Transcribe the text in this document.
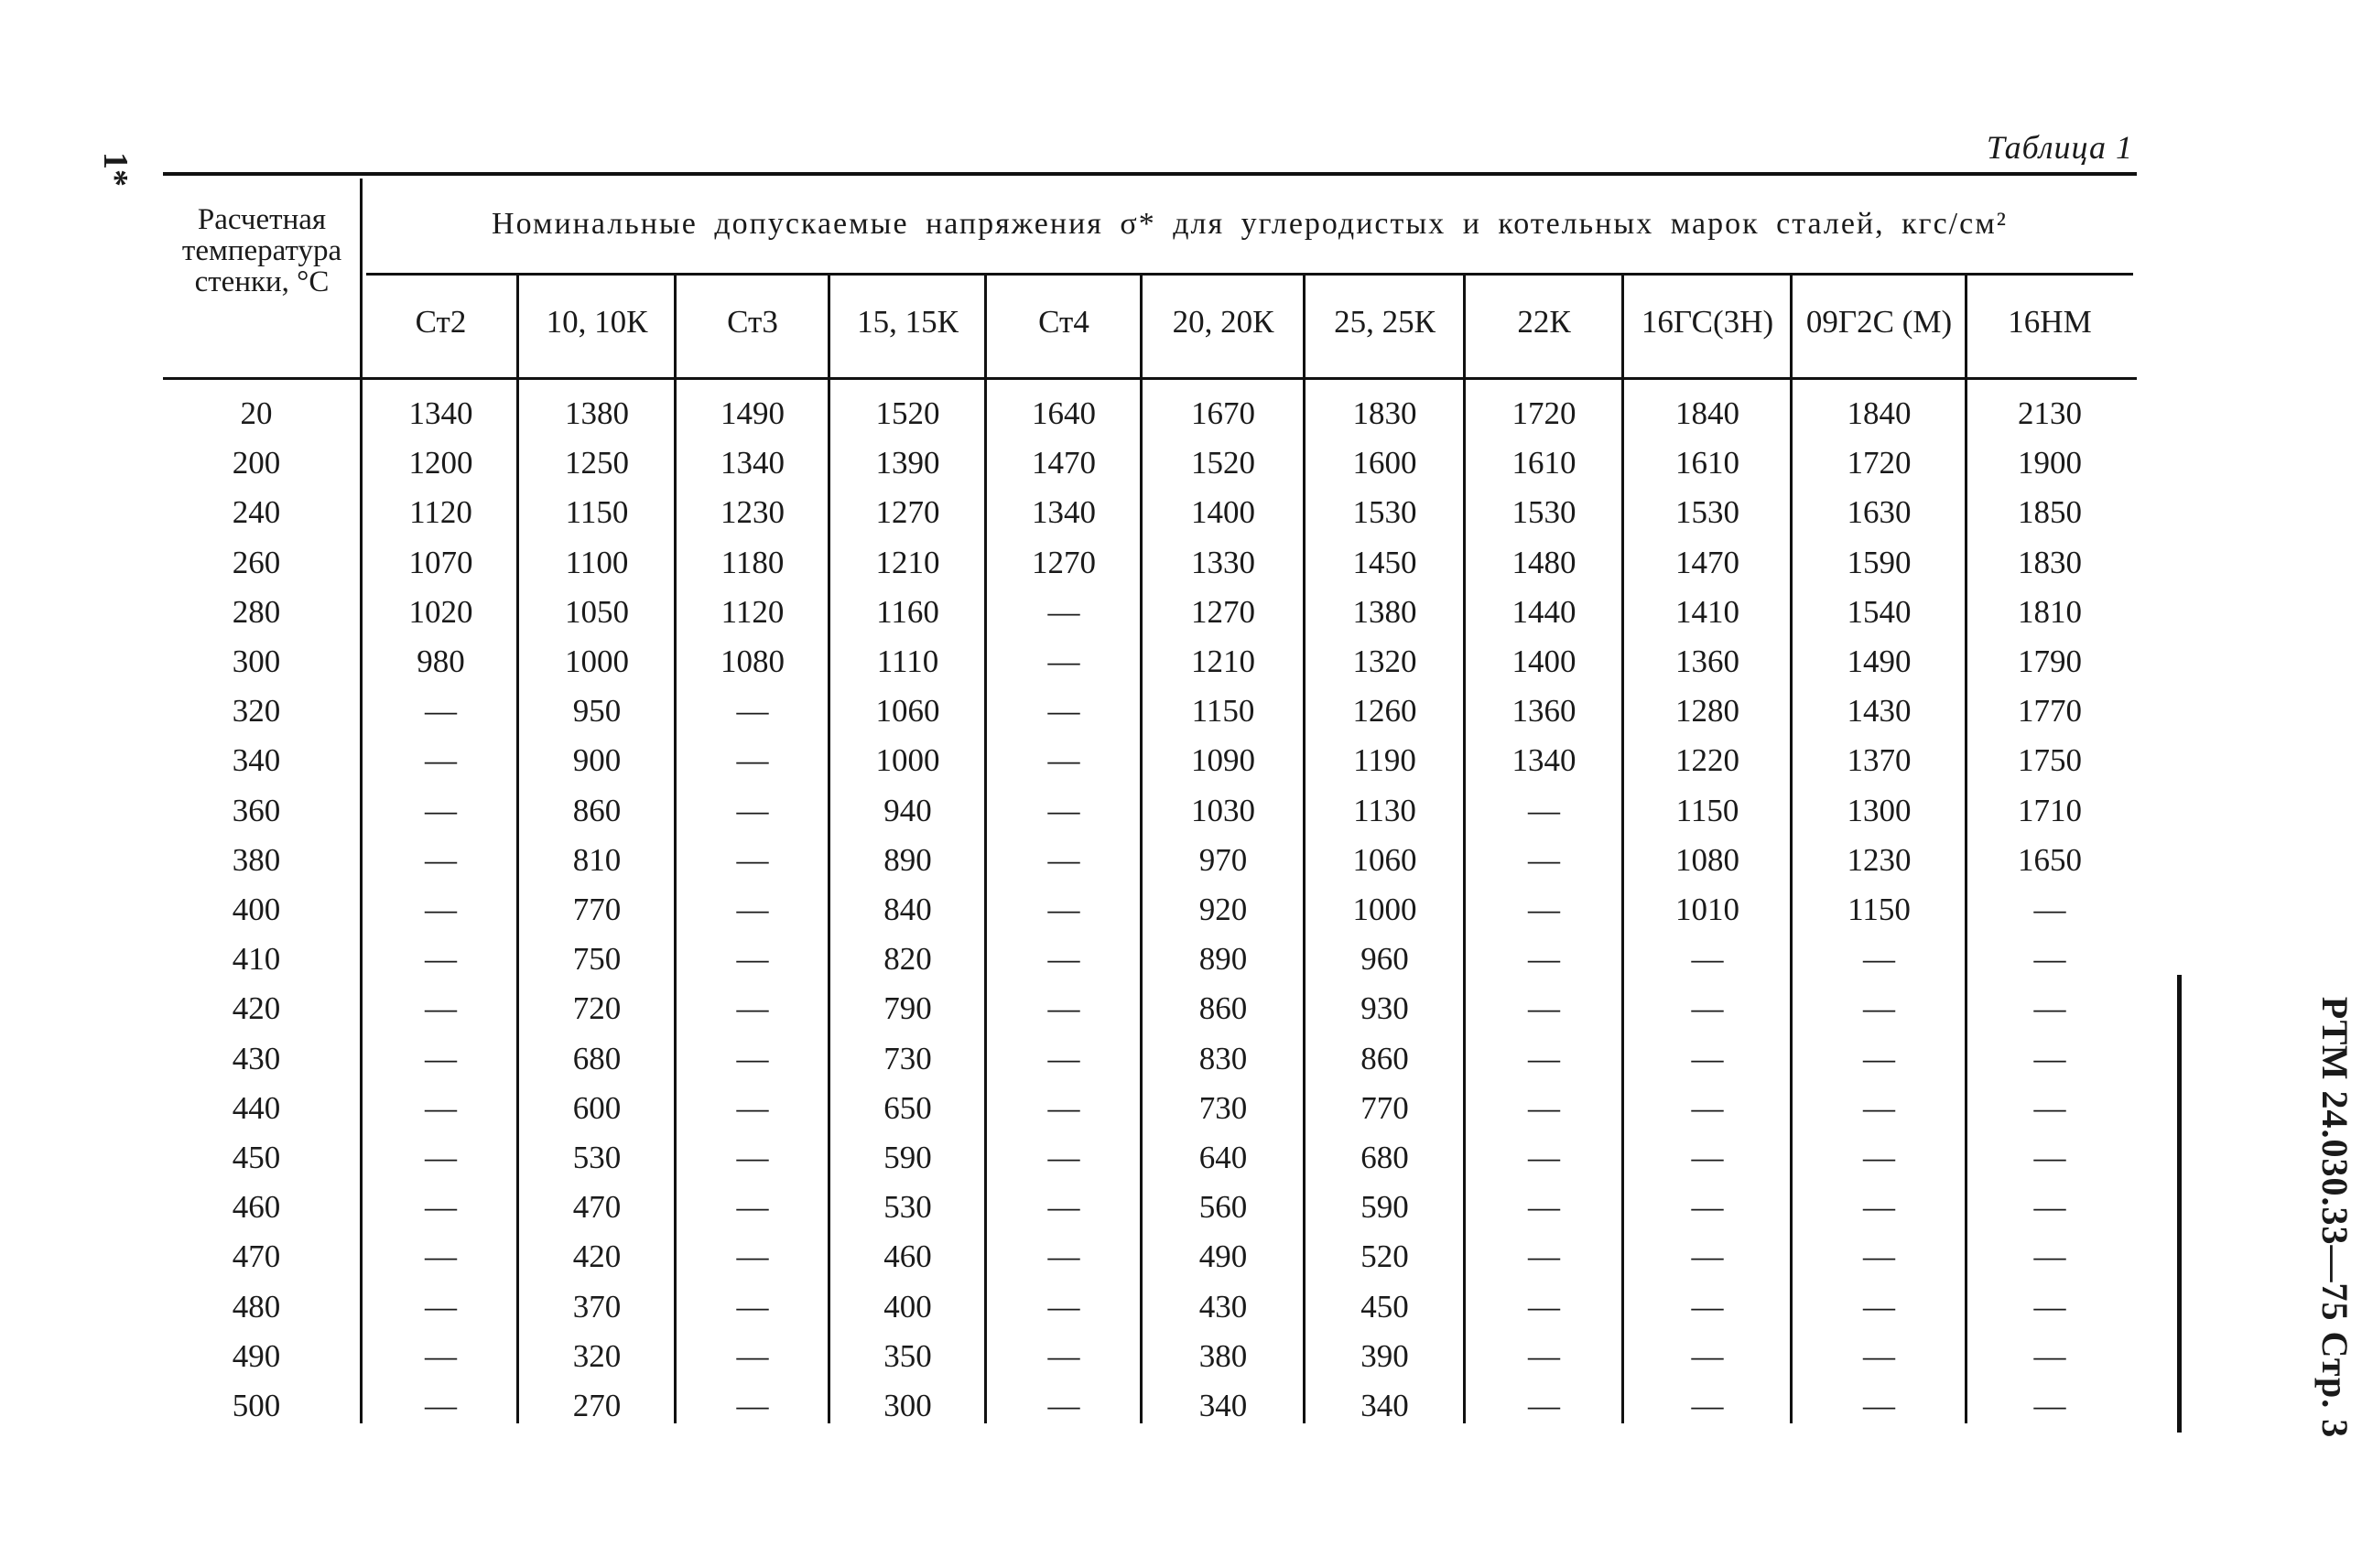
1*
Таблица 1
Расчетная температура стенки, °С
Номинальные допускаемые напряжения σ* для углеродистых и котельных марок сталей, кгс/см²
Ст2	10, 10К	Ст3	15, 15К	Ст4	20, 20К	25, 25К	22К	16ГС(3Н)	09Г2С (М)	16НМ
20	1340	1380	1490	1520	1640	1670	1830	1720	1840	1840	2130
200	1200	1250	1340	1390	1470	1520	1600	1610	1610	1720	1900
240	1120	1150	1230	1270	1340	1400	1530	1530	1530	1630	1850
260	1070	1100	1180	1210	1270	1330	1450	1480	1470	1590	1830
280	1020	1050	1120	1160	—	1270	1380	1440	1410	1540	1810
300	980	1000	1080	1110	—	1210	1320	1400	1360	1490	1790
320	—	950	—	1060	—	1150	1260	1360	1280	1430	1770
340	—	900	—	1000	—	1090	1190	1340	1220	1370	1750
360	—	860	—	940	—	1030	1130	—	1150	1300	1710
380	—	810	—	890	—	970	1060	—	1080	1230	1650
400	—	770	—	840	—	920	1000	—	1010	1150	—
410	—	750	—	820	—	890	960	—	—	—	—
420	—	720	—	790	—	860	930	—	—	—	—
430	—	680	—	730	—	830	860	—	—	—	—
440	—	600	—	650	—	730	770	—	—	—	—
450	—	530	—	590	—	640	680	—	—	—	—
460	—	470	—	530	—	560	590	—	—	—	—
470	—	420	—	460	—	490	520	—	—	—	—
480	—	370	—	400	—	430	450	—	—	—	—
490	—	320	—	350	—	380	390	—	—	—	—
500	—	270	—	300	—	340	340	—	—	—	—	РТМ 24.030.33—75 Стр. 3
